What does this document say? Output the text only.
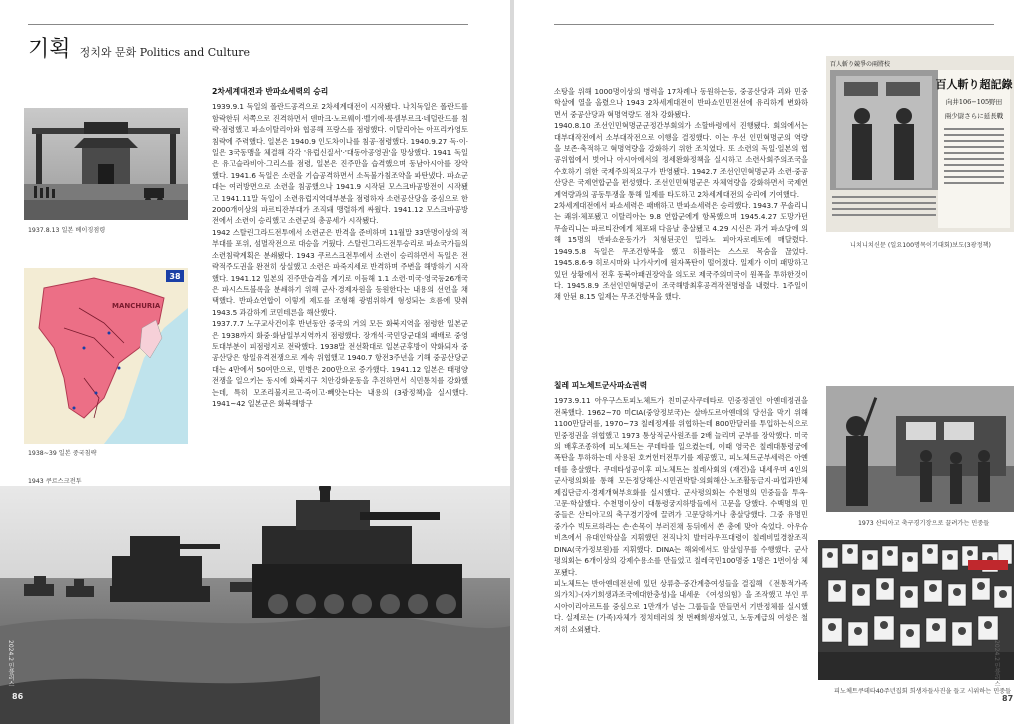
기획 정치와 문화 Politics and Culture
1937.8.13 일본 베이징점령
38
MANCHURIA
1938~39 일본 중국침략
2차세계대전과 반파쇼세력의 승리

1939.9.1 독일의 폴란드공격으로 2차세계대전이 시작됐다. 나치독일은 폴란드를 함락한뒤 서쪽으로 진격하면서 덴마크·노르웨이·벨기에·룩셈부르크·네덜란드를 침략·점령했고 파쇼이탈리아와 협공해 프랑스를 점령했다. 이탈리아는 아프리카영토침략에 주력했다. 일본은 1940.9 인도차이나를 침공·점령했다. 1940.9.27 독·이·일은 3국동맹을 체결해 각각 '유럽신질서'·'대동아공영권'을 망상했다. 1941 독일은 유고슬라비아·그리스를 점령, 일본은 진주만을 습격했으며 동남아시아를 장악했다. 1941.6 독일은 소련을 기습공격하면서 소독불가침조약을 파탄냈다. 파쇼군대는 여러방면으로 소련을 침공했으나 1941.9 시작된 모스크바공방전이 시작됐고 1941.11말 독일이 소련유럽지역대부분을 점령하자 소련공산당을 중심으로 한 2000개이상의 파르티잔부대가 조직돼 맹렬하게 싸웠다. 1941.12 모스크바공방전에서 소련이 승리했고 소련군의 총공세가 시작됐다.

1942 스탈린그라드전투에서 소련군은 반격을 준비하며 11월말 33만명이상의 적부대를 포위, 섬멸작전으로 대승을 거뒀다. 스탈린그라드전투승리로 파쇼국가들의 소련침략계획은 분쇄됐다. 1943 쿠르스크전투에서 소련이 승리하면서 독일은 전략적주도권을 완전히 상실했고 소련은 파죽지세로 반격하며 주변을 해방하기 시작했다. 1941.12 일본의 진주만습격을 계기로 이듬해 1.1 소련·미국·영국등26개국은 파시스트블록을 분쇄하기 위해 군사·경제자원을 동원한다는 내용의 선언을 채택했다. 반파쇼연합이 이렇게 제도를 조형해 광범위하게 형성되는 흐름에 맞춰 1943.5 과감하게 코민테른을 해산했다.

1937.7.7 노구교사건이후 반년동안 중국의 거의 모든 화북지역을 점령한 일본군은 1938까지 화중·화남일부지역까지 점령했다. 장개석·국민당군대의 패배로 중영토대부분이 피점령지로 전락했다. 1938말 전선확대로 일본군후방이 약화되자 중공산당은 항일유격전쟁으로 계속 위협했고 1940.7 항전3주년을 기해 중공산당군대는 4만에서 50여만으로, 민병은 200만으로 증가했다. 1941.12 일본은 태평양전쟁을 일으키는 동시에 화북지구 치안강화운동을 추진하면서 식민통치를 강화했는데, 특히 모조리불지르고·죽이고·빼앗는다는 내용의 (3광정책)을 실시했다. 1941~42 일본군은 화북해방구

1943 쿠르스크전투
2024.2 민플러스
86

소탕을 위해 1000명이상의 병력을 17차례나 동원하는등, 중공산당과 괴와 민중학살에 열을 올렸으나 1943 2차세계대전이 반파쇼인민전선에 유리하게 변화하면서 중공산당과 혁명역량도 점차 강화됐다.

1940.8.10 조선인민혁명군군정간부회의가 소할바령에서 진행됐다. 회의에서는 대부대작전에서 소부대작전으로 이행을 결정했다. 이는 우선 인민혁명군의 역량을 보존·축적하고 혁명역량을 강화하기 위한 조치였다. 또 소련의 독일·일본의 협공위협에서 벗어나 아시아에서의 정세완화정책을 실시하고 소련사회주의조국을 수호하기 위한 국제주의적요구가 반영됐다. 1942.7 조선인민혁명군과 소련·중공산당은 국제연합군을 편성했다. 조선인민혁명군은 자체역량을 강화하면서 국제연계역량과의 공동투쟁을 통해 일제를 타도하고 2차세계대전의 승리에 기여했다.

2차세계대전에서 파쇼세력은 패배하고 반파쇼세력은 승리했다. 1943.7 무솔리니는 쾌위·체포됐고 이탈리아는 9.8 연합군에게 항복했으며 1945.4.27 도망가던 무솔리니는 파르티잔에게 체포돼 다음날 총살됐고 4.29 시신은 과거 파쇼당에 의해 15명의 반파쇼운동가가 처형된곳인 밀라노 피아자로레토에 매달렸다. 1949.5.8 독일은 무조건항복을 했고 히틀러는 스스로 목숨을 끊었다. 1945.8.6·9 히로시마와 나가사키에 원자폭탄이 떨어졌다. 일제가 이미 패망하고있던 상황에서 전후 동북아패권장악을 의도로 제국주의미국이 원폭을 투하한것이다. 1945.8.9 조선인민혁명군이 조국해방최후공격작전명령을 내렸다. 1주일이 채 안된 8.15 일제는 무조건항복을 했다.

칠레 피노체트군사파쇼권력

1973.9.11 아우구스토피노체트가 친미군사쿠데타로 민중정권인 아옌데정권을 전복했다. 1962~70 미CIA(중앙정보국)는 살바도르아옌데의 당선을 막기 위해 1100만달러를, 1970~73 칠레정계를 위협하는데 800만달러를 투입하는식으로 민중정권을 위협했고 1973 통상적군사원조를 2배 늘리며 군부를 장악했다. 미국의 배후조종하에 피노체트는 쿠데타를 일으켰는데, 이때 영국은 칠레대통령궁에 폭탄을 투하하는데 사용된 호커헌터전투기를 제공했고, 피노체트군부세력은 아옌데를 총살했다. 쿠데타성공이후 피노체트는 칠레사회의 (재건)을 내세우며 4인의 군사평의회를 통해 모든정당해산·시민권박탈·의회해산·노조활동금지·파업과반체제집단금지·경제개혁부흐화를 실시했다. 군사평의회는 수천명의 민중들을 투옥·고문·학살했다. 수천명이상이 대통령궁지하방들에서 고문을 당했다. 수백명의 민중들은 산티아고의 축구경기장에 끌려가 고문당하거나 총살당했다. 그중 유명민중가수 빅토르하라는 손·손목이 부러진채 동뒤에서 쏜 총에 맞아 숙었다. 아우슈비츠에서 유대인학살을 지휘했던 전직나치 발터라우프대령이 칠레비밀경찰조직 DINA(국가정보원)를 지휘했다. DINA는 해외에서도 암살임무를 수행했다. 군사평의회는 6개이상의 강제수용소를 만들었고 칠레국민100명중 1명은 1번이상 체포됐다.

피노체트는 반아옌데전선에 있던 상류층·중간계층여성들을 결집해 《전통적가족의가치》·(자기희생과조국에대한충성)을 내세운 《여성의힘》을 조작했고 부인 루시아이리아르트를 중심으로 1만개가 넘는 그룹들을 만들면서 기반정체를 실시했다. 실제로는 (가족)자체가 정치테러의 첫 번째희생자였고, 노동계급의 여성은 철저히 소외됐다.

百人斬り超記錄
向井106−105野田
兩少尉さらに延長戰
百人斬り競爭の兩將校
니치니치신문 (일요100명목이기대회)보도(3광정책)
1973 산티아고 축구경기장으로 끌려가는 민중들
피노체트쿠데타40주년집회 희생자들사진을 들고 시위하는 민중들
2024.2 민플러스
87
